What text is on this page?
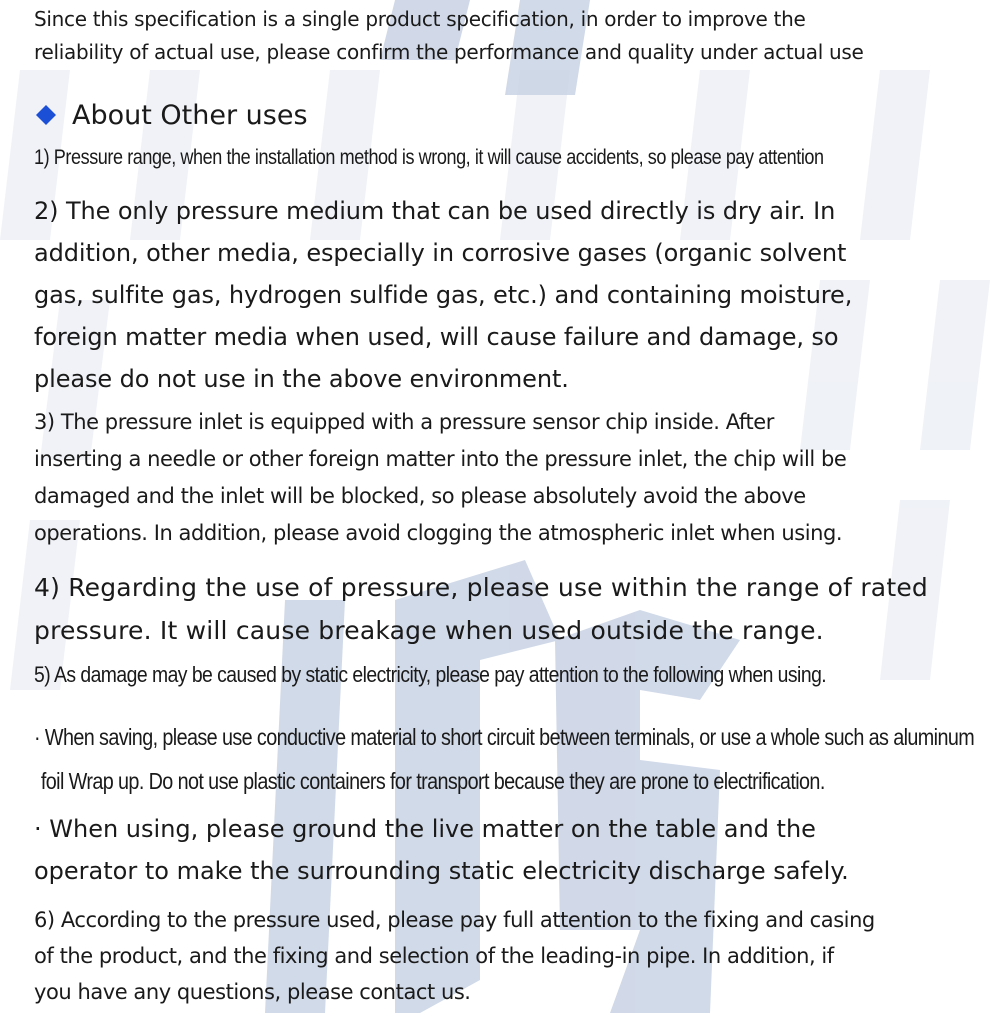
Since this specification is a single product specification, in order to improve the
reliability of actual use, please confirm the performance and quality under actual use

About Other uses

1) Pressure range, when the installation method is wrong, it will cause accidents, so please pay attention

2) The only pressure medium that can be used directly is dry air. In
addition, other media, especially in corrosive gases (organic solvent
gas, sulfite gas, hydrogen sulfide gas, etc.) and containing moisture,
foreign matter media when used, will cause failure and damage, so
please do not use in the above environment.

3) The pressure inlet is equipped with a pressure sensor chip inside. After
inserting a needle or other foreign matter into the pressure inlet, the chip will be
damaged and the inlet will be blocked, so please absolutely avoid the above
operations. In addition, please avoid clogging the atmospheric inlet when using.

4) Regarding the use of pressure, please use within the range of rated
pressure. It will cause breakage when used outside the range.

5) As damage may be caused by static electricity, please pay attention to the following when using.

· When saving, please use conductive material to short circuit between terminals, or use a whole such as aluminum
foil Wrap up. Do not use plastic containers for transport because they are prone to electrification.

· When using, please ground the live matter on the table and the
operator to make the surrounding static electricity discharge safely.

6) According to the pressure used, please pay full attention to the fixing and casing
of the product, and the fixing and selection of the leading-in pipe. In addition, if
you have any questions, please contact us.
